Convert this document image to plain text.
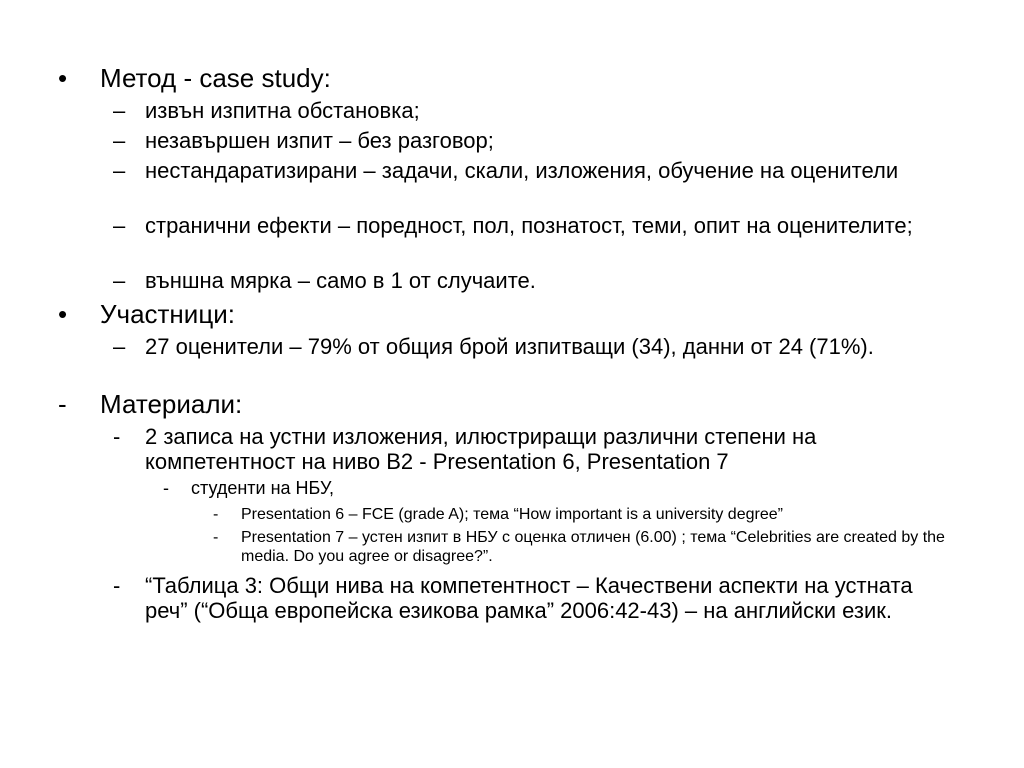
• Метод - case study:
– извън изпитна обстановка;
– незавършен изпит – без разговор;
– нестандаратизирани – задачи, скали, изложения, обучение на оценители
– странични ефекти – поредност, пол, познатост, теми, опит на оценителите;
– външна мярка – само в 1 от случаите.
• Участници:
– 27 оценители – 79% от общия брой изпитващи (34), данни от 24 (71%).
- Материали:
- 2 записа на устни изложения, илюстриращи различни степени на компетентност на ниво В2 - Presentation 6, Presentation 7
- студенти на НБУ,
- Presentation 6 – FCE (grade A); тема “How important is a university degree”
- Presentation 7 – устен изпит в НБУ с оценка отличен (6.00) ; тема “Celebrities are created by the media. Do you agree or disagree?”.
- “Таблица 3: Общи нива на компетентност – Качествени аспекти на устната реч” (“Обща европейска езикова рамка” 2006:42-43) – на английски език.
